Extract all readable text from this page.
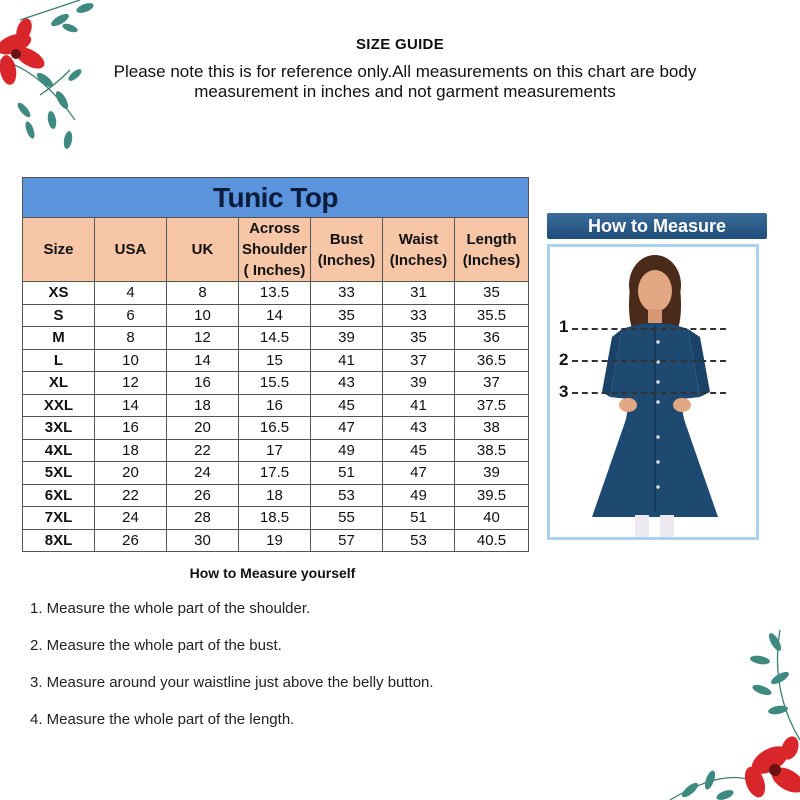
SIZE GUIDE
Please note this is for reference only.All measurements on this chart are body measurement in inches and not garment measurements
Tunic Top						
Size	USA	UK	Across Shoulder ( Inches)	Bust (Inches)	Waist (Inches)	Length (Inches)
XS	4	8	13.5	33	31	35
S	6	10	14	35	33	35.5
M	8	12	14.5	39	35	36
L	10	14	15	41	37	36.5
XL	12	16	15.5	43	39	37
XXL	14	18	16	45	41	37.5
3XL	16	20	16.5	47	43	38
4XL	18	22	17	49	45	38.5
5XL	20	24	17.5	51	47	39
6XL	22	26	18	53	49	39.5
7XL	24	28	18.5	55	51	40
8XL	26	30	19	57	53	40.5
How to Measure
1
2
3
How to Measure yourself
1. Measure the whole part of the shoulder.
2. Measure the whole part of the bust.
3. Measure around your waistline just above the belly button.
4. Measure the whole part of the length.
